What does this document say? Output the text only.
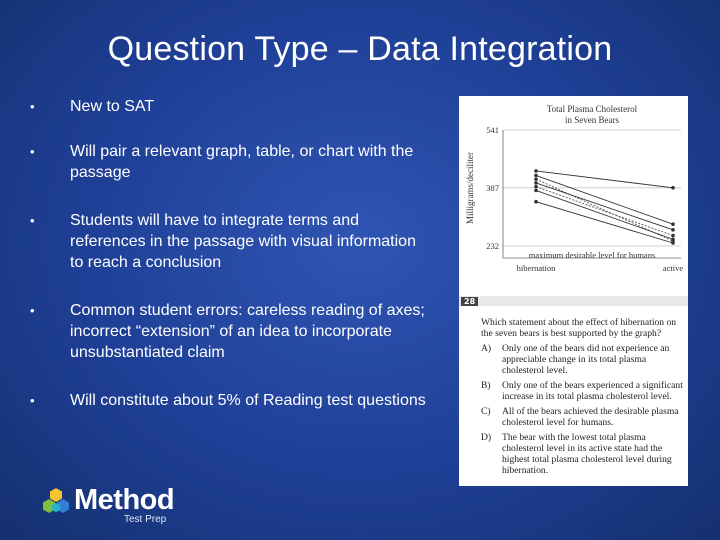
Question Type – Data Integration
• New to SAT
• Will pair a relevant graph, table, or chart with the passage
• Students will have to integrate terms and references in the passage with visual information to reach a conclusion
• Common student errors: careless reading of axes; incorrect “extension” of an idea to incorporate unsubstantiated claim
• Will constitute about 5% of Reading test questions
Total Plasma Cholesterol
in Seven Bears
541
387
232
Milligrams/deciliter
maximum desirable level for humans
hibernation	active
28
Which statement about the effect of hibernation on the seven bears is best supported by the graph?
A) Only one of the bears did not experience an appreciable change in its total plasma cholesterol level.
B) Only one of the bears experienced a significant increase in its total plasma cholesterol level.
C) All of the bears achieved the desirable plasma cholesterol level for humans.
D) The bear with the lowest total plasma cholesterol level in its active state had the highest total plasma cholesterol level during hibernation.
Method
Test Prep
